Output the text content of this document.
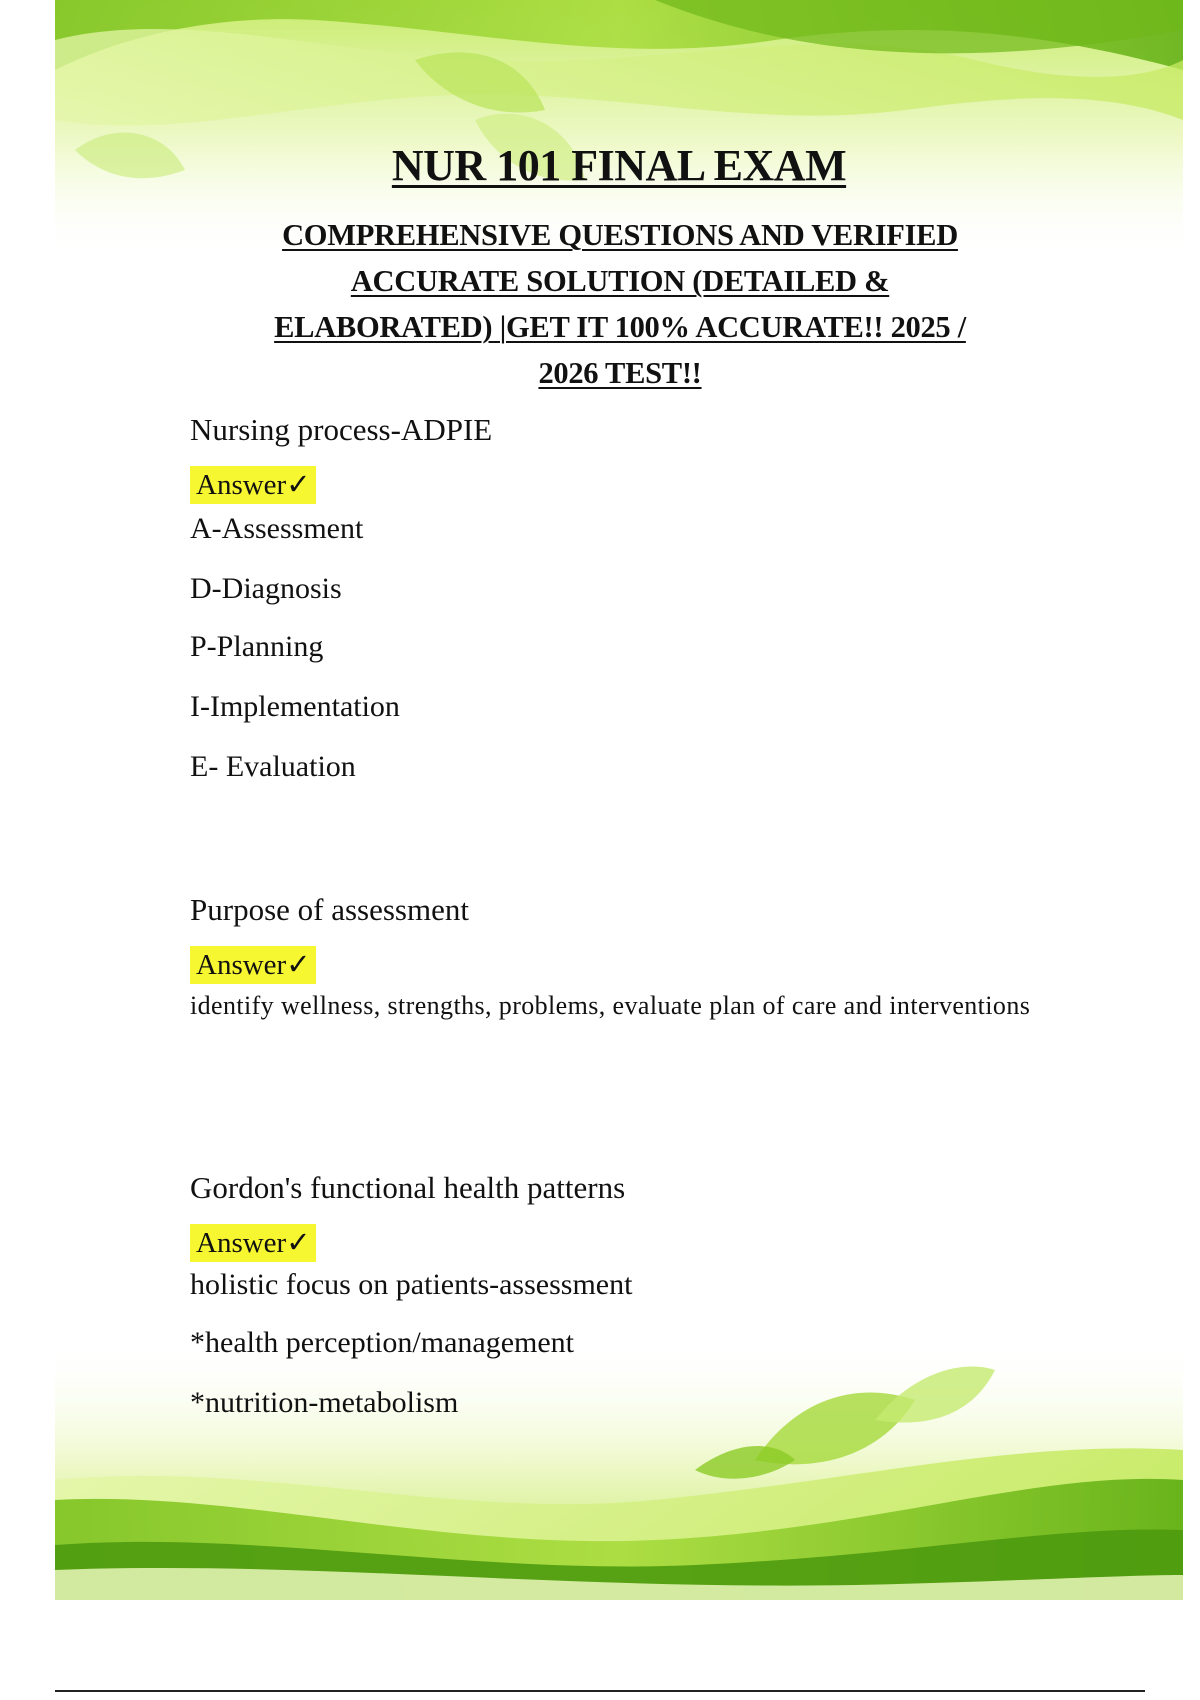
NUR 101 FINAL EXAM
COMPREHENSIVE QUESTIONS AND VERIFIED
ACCURATE SOLUTION (DETAILED &
ELABORATED) |GET IT 100% ACCURATE!! 2025 /
2026 TEST!!

Nursing process-ADPIE

Answer✓

A-Assessment

D-Diagnosis

P-Planning

I-Implementation

E- Evaluation

Purpose of assessment

Answer✓

identify wellness, strengths, problems, evaluate plan of care and interventions

Gordon's functional health patterns

Answer✓

holistic focus on patients-assessment

*health perception/management

*nutrition-metabolism
